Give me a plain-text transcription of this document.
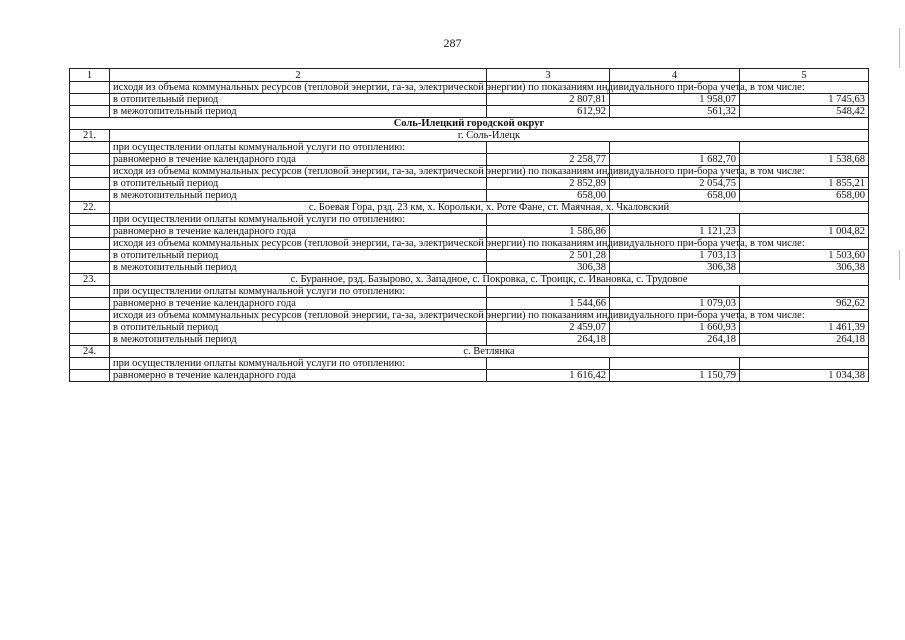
287
1	2	3	4	5
	исходя из объема коммунальных ресурсов (тепловой энергии, га-за, электрической энергии) по показаниям индивидуального при-бора учета, в том числе:			
	в отопительный период	2 807,81	1 958,07	1 745,63
	в межотопительный период	612,92	561,32	548,42
Соль-Илецкий городской округ				
21.	г. Соль-Илецк			
	при осуществлении оплаты коммунальной услуги по отоплению:			
	равномерно в течение календарного года	2 258,77	1 682,70	1 538,68
	исходя из объема коммунальных ресурсов (тепловой энергии, га-за, электрической энергии) по показаниям индивидуального при-бора учета, в том числе:			
	в отопительный период	2 852,89	2 054,75	1 855,21
	в межотопительный период	658,00	658,00	658,00
22.	с. Боевая Гора, рзд. 23 км, х. Корольки, х. Роте Фане, ст. Маячная, х. Чкаловский			
	при осуществлении оплаты коммунальной услуги по отоплению:			
	равномерно в течение календарного года	1 586,86	1 121,23	1 004,82
	исходя из объема коммунальных ресурсов (тепловой энергии, га-за, электрической энергии) по показаниям индивидуального при-бора учета, в том числе:			
	в отопительный период	2 501,28	1 703,13	1 503,60
	в межотопительный период	306,38	306,38	306,38
23.	с. Буранное, рзд. Базырово, х. Западное, с. Покровка, с. Троицк, с. Ивановка, с. Трудовое			
	при осуществлении оплаты коммунальной услуги по отоплению:			
	равномерно в течение календарного года	1 544,66	1 079,03	962,62
	исходя из объема коммунальных ресурсов (тепловой энергии, га-за, электрической энергии) по показаниям индивидуального при-бора учета, в том числе:			
	в отопительный период	2 459,07	1 660,93	1 461,39
	в межотопительный период	264,18	264,18	264,18
24.	с. Ветлянка			
	при осуществлении оплаты коммунальной услуги по отоплению:			
	равномерно в течение календарного года	1 616,42	1 150,79	1 034,38
